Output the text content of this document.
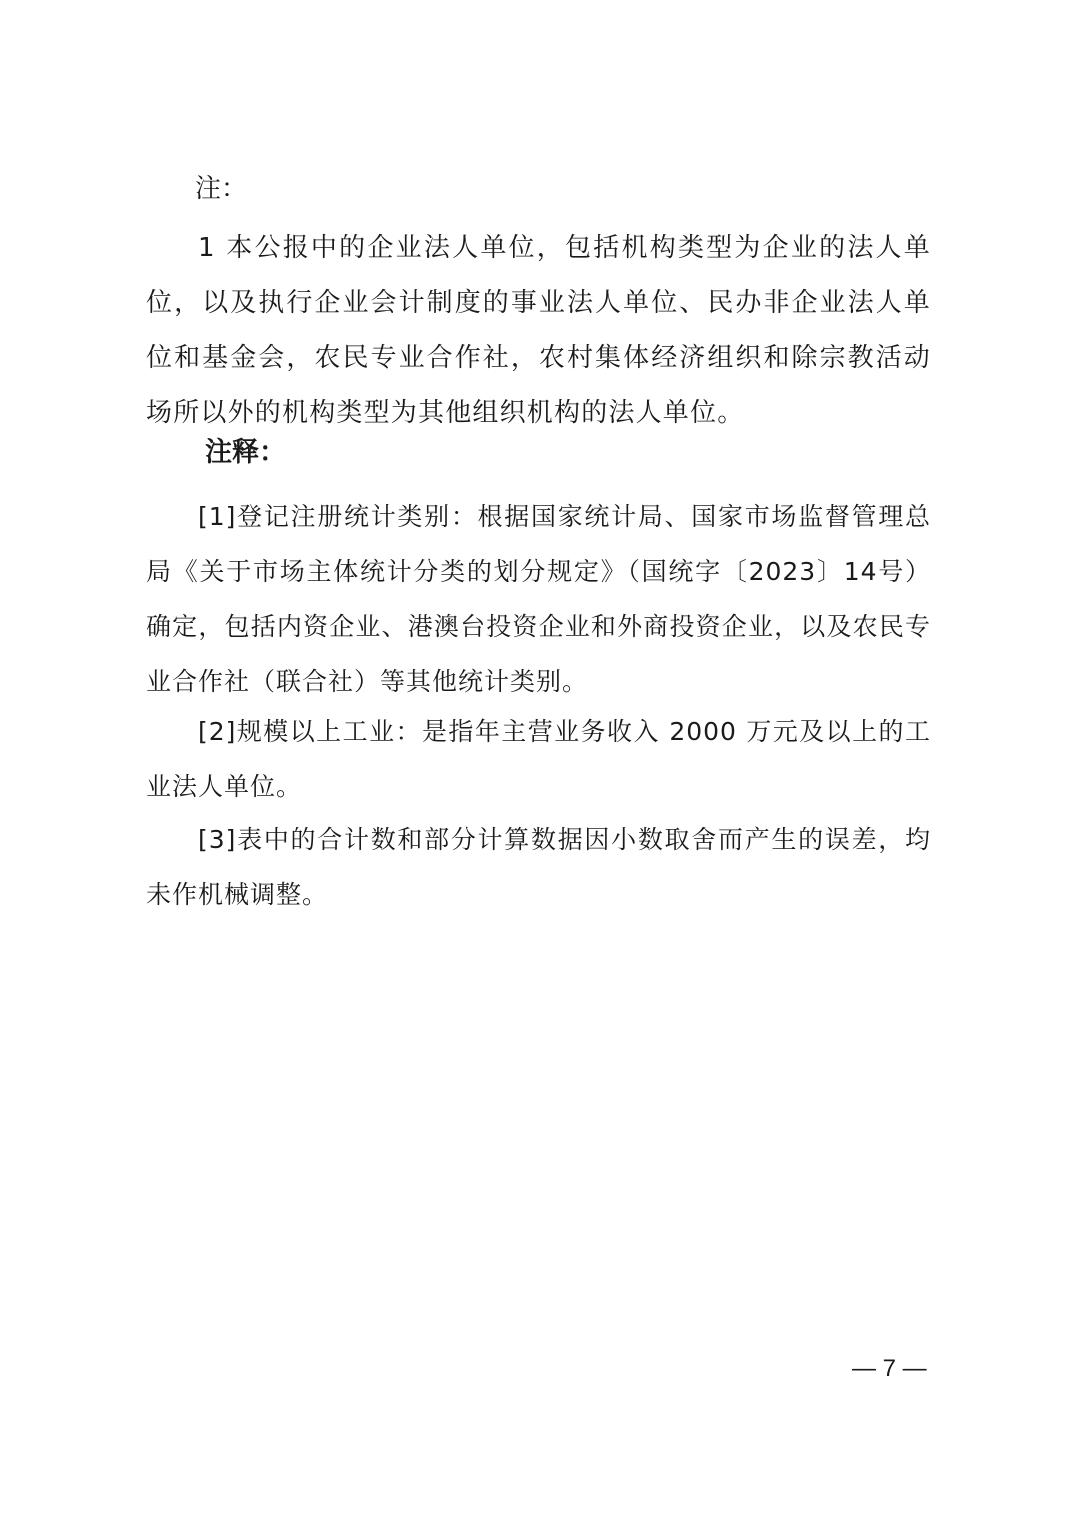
注：

1 本公报中的企业法人单位，包括机构类型为企业的法人单位，以及执行企业会计制度的事业法人单位、民办非企业法人单位和基金会，农民专业合作社，农村集体经济组织和除宗教活动场所以外的机构类型为其他组织机构的法人单位。

注释：

[1]登记注册统计类别：根据国家统计局、国家市场监督管理总局《关于市场主体统计分类的划分规定》（国统字〔2023〕14号）确定，包括内资企业、港澳台投资企业和外商投资企业，以及农民专业合作社（联合社）等其他统计类别。

[2]规模以上工业：是指年主营业务收入 2000 万元及以上的工业法人单位。

[3]表中的合计数和部分计算数据因小数取舍而产生的误差，均未作机械调整。

— 7 —
